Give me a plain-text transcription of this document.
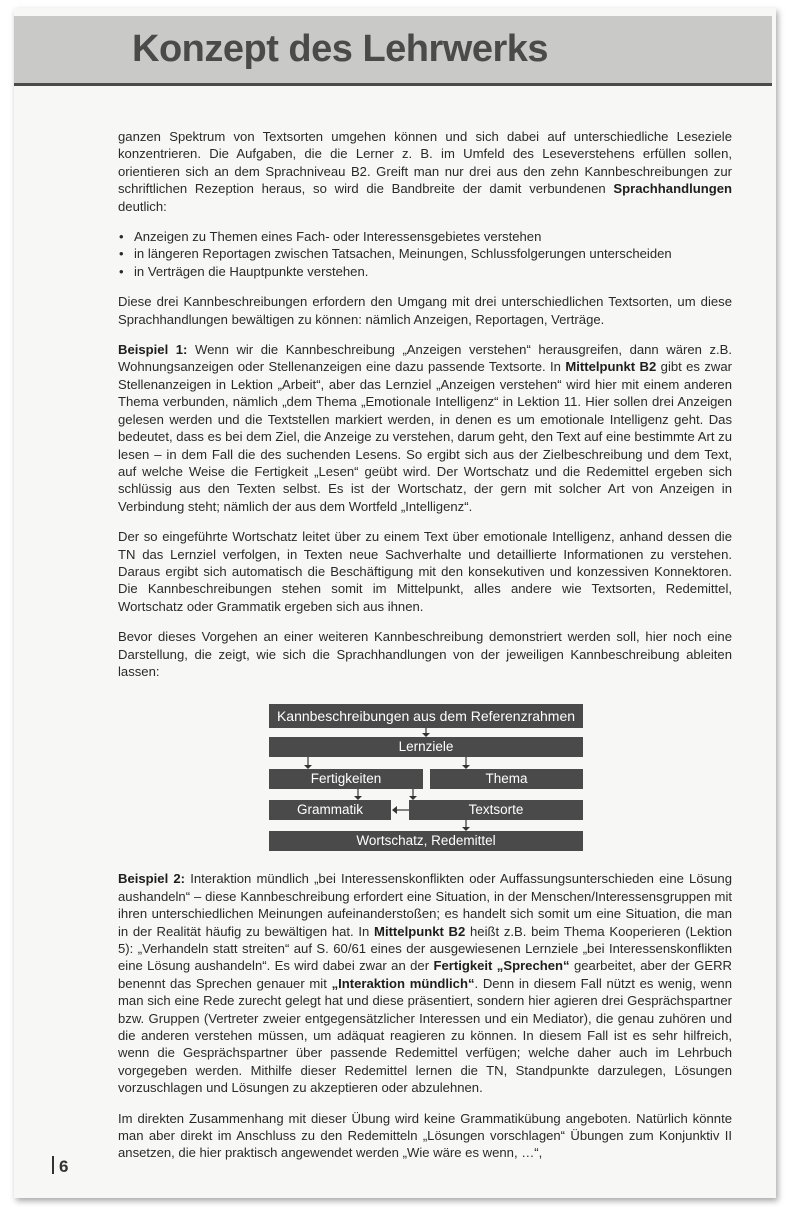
Konzept des Lehrwerks

ganzen Spektrum von Textsorten umgehen können und sich dabei auf unterschiedliche Leseziele konzentrieren. Die Aufgaben, die die Lerner z. B. im Umfeld des Leseverstehens erfüllen sollen, orientieren sich an dem Sprachniveau B2. Greift man nur drei aus den zehn Kannbeschreibungen zur schriftlichen Rezeption heraus, so wird die Bandbreite der damit verbundenen Sprachhandlungen deutlich:

• Anzeigen zu Themen eines Fach- oder Interessensgebietes verstehen
• in längeren Reportagen zwischen Tatsachen, Meinungen, Schlussfolgerungen unterscheiden
• in Verträgen die Hauptpunkte verstehen.

Diese drei Kannbeschreibungen erfordern den Umgang mit drei unterschiedlichen Textsorten, um diese Sprachhandlungen bewältigen zu können: nämlich Anzeigen, Reportagen, Verträge.

Beispiel 1: Wenn wir die Kannbeschreibung „Anzeigen verstehen“ herausgreifen, dann wären z.B. Wohnungsanzeigen oder Stellenanzeigen eine dazu passende Textsorte. In Mittelpunkt B2 gibt es zwar Stellenanzeigen in Lektion „Arbeit“, aber das Lernziel „Anzeigen verstehen“ wird hier mit einem anderen Thema verbunden, nämlich „dem Thema „Emotionale Intelligenz“ in Lektion 11. Hier sollen drei Anzeigen gelesen werden und die Textstellen markiert werden, in denen es um emotionale Intelligenz geht. Das bedeutet, dass es bei dem Ziel, die Anzeige zu verstehen, darum geht, den Text auf eine bestimmte Art zu lesen – in dem Fall die des suchenden Lesens. So ergibt sich aus der Zielbeschreibung und dem Text, auf welche Weise die Fertigkeit „Lesen“ geübt wird. Der Wortschatz und die Redemittel ergeben sich schlüssig aus den Texten selbst. Es ist der Wortschatz, der gern mit solcher Art von Anzeigen in Verbindung steht; nämlich der aus dem Wortfeld „Intelligenz“.

Der so eingeführte Wortschatz leitet über zu einem Text über emotionale Intelligenz, anhand dessen die TN das Lernziel verfolgen, in Texten neue Sachverhalte und detaillierte Informationen zu verstehen. Daraus ergibt sich automatisch die Beschäftigung mit den konsekutiven und konzessiven Konnektoren. Die Kannbeschreibungen stehen somit im Mittelpunkt, alles andere wie Textsorten, Redemittel, Wortschatz oder Grammatik ergeben sich aus ihnen.

Bevor dieses Vorgehen an einer weiteren Kannbeschreibung demonstriert werden soll, hier noch eine Darstellung, die zeigt, wie sich die Sprachhandlungen von der jeweiligen Kannbeschreibung ableiten lassen:

Kannbeschreibungen aus dem Referenzrahmen
Lernziele
Fertigkeiten	Thema
Grammatik	Textsorte
Wortschatz, Redemittel

Beispiel 2: Interaktion mündlich „bei Interessenskonflikten oder Auffassungsunterschieden eine Lösung aushandeln“ – diese Kannbeschreibung erfordert eine Situation, in der Menschen/Interessensgruppen mit ihren unterschiedlichen Meinungen aufeinanderstoßen; es handelt sich somit um eine Situation, die man in der Realität häufig zu bewältigen hat. In Mittelpunkt B2 heißt z.B. beim Thema Kooperieren (Lektion 5): „Verhandeln statt streiten“ auf S. 60/61 eines der ausgewiesenen Lernziele „bei Interessenskonflikten eine Lösung aushandeln“. Es wird dabei zwar an der Fertigkeit „Sprechen“ gearbeitet, aber der GERR benennt das Sprechen genauer mit „Interaktion mündlich“. Denn in diesem Fall nützt es wenig, wenn man sich eine Rede zurecht gelegt hat und diese präsentiert, sondern hier agieren drei Gesprächspartner bzw. Gruppen (Vertreter zweier entgegensätzlicher Interessen und ein Mediator), die genau zuhören und die anderen verstehen müssen, um adäquat reagieren zu können. In diesem Fall ist es sehr hilfreich, wenn die Gesprächspartner über passende Redemittel verfügen; welche daher auch im Lehrbuch vorgegeben werden. Mithilfe dieser Redemittel lernen die TN, Standpunkte darzulegen, Lösungen vorzuschlagen und Lösungen zu akzeptieren oder abzulehnen.

Im direkten Zusammenhang mit dieser Übung wird keine Grammatikübung angeboten. Natürlich könnte man aber direkt im Anschluss zu den Redemitteln „Lösungen vorschlagen“ Übungen zum Konjunktiv II ansetzen, die hier praktisch angewendet werden „Wie wäre es wenn, …“,

6
